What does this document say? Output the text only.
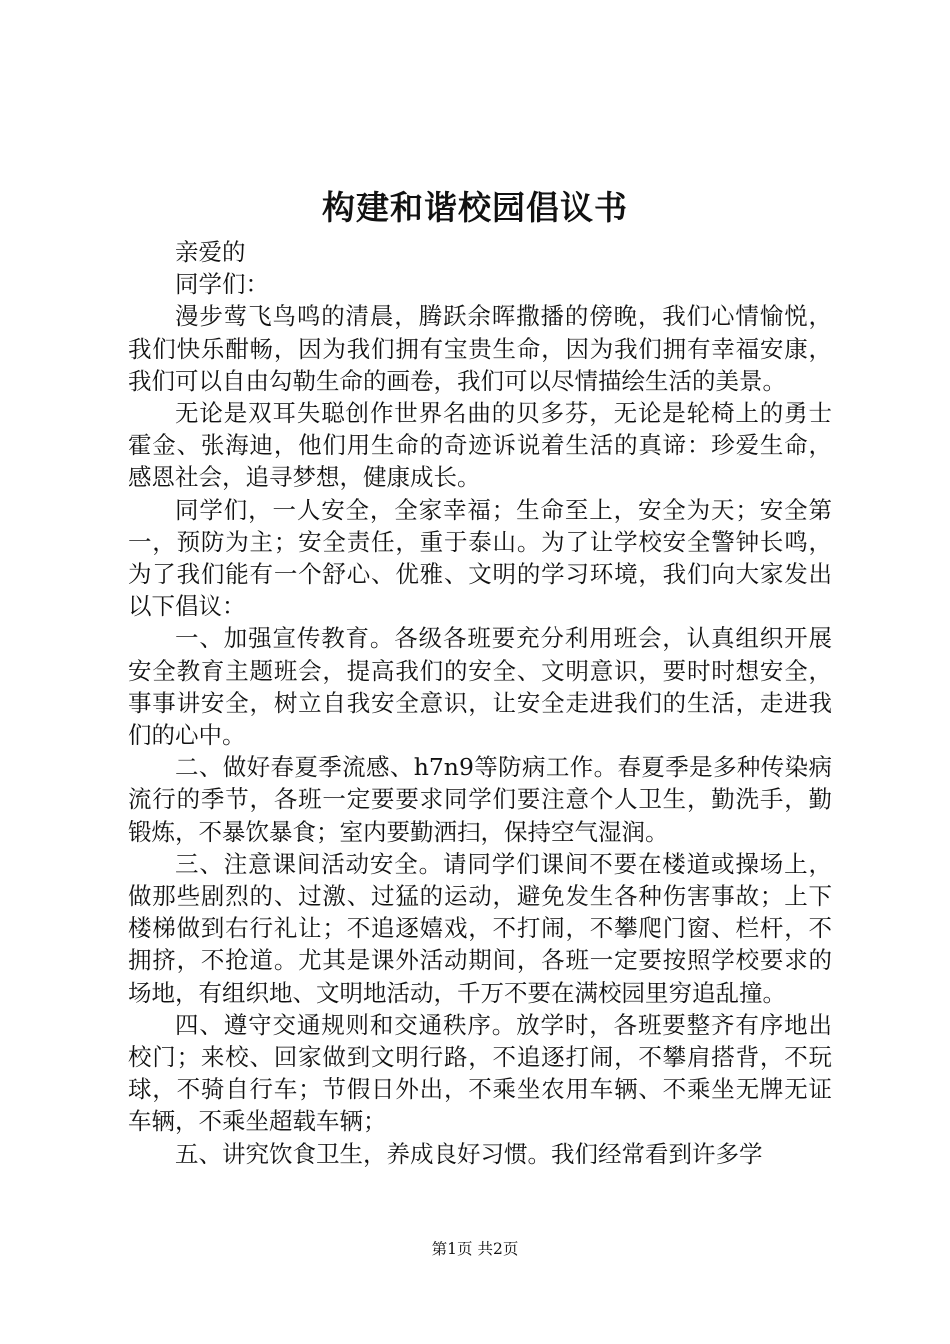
构建和谐校园倡议书

亲爱的

同学们：

漫步莺飞鸟鸣的清晨，腾跃余晖撒播的傍晚，我们心情愉悦，我们快乐酣畅，因为我们拥有宝贵生命，因为我们拥有幸福安康，我们可以自由勾勒生命的画卷，我们可以尽情描绘生活的美景。

无论是双耳失聪创作世界名曲的贝多芬，无论是轮椅上的勇士霍金、张海迪，他们用生命的奇迹诉说着生活的真谛：珍爱生命，感恩社会，追寻梦想，健康成长。

同学们，一人安全，全家幸福；生命至上，安全为天；安全第一，预防为主；安全责任，重于泰山。为了让学校安全警钟长鸣，为了我们能有一个舒心、优雅、文明的学习环境，我们向大家发出以下倡议：

一、加强宣传教育。各级各班要充分利用班会，认真组织开展安全教育主题班会，提高我们的安全、文明意识，要时时想安全，事事讲安全，树立自我安全意识，让安全走进我们的生活，走进我们的心中。

二、做好春夏季流感、h7n9等防病工作。春夏季是多种传染病流行的季节，各班一定要要求同学们要注意个人卫生，勤洗手，勤锻炼，不暴饮暴食；室内要勤洒扫，保持空气湿润。

三、注意课间活动安全。请同学们课间不要在楼道或操场上，做那些剧烈的、过激、过猛的运动，避免发生各种伤害事故；上下楼梯做到右行礼让；不追逐嬉戏，不打闹，不攀爬门窗、栏杆，不拥挤，不抢道。尤其是课外活动期间，各班一定要按照学校要求的场地，有组织地、文明地活动，千万不要在满校园里穷追乱撞。

四、遵守交通规则和交通秩序。放学时，各班要整齐有序地出校门；来校、回家做到文明行路，不追逐打闹，不攀肩搭背，不玩球，不骑自行车；节假日外出，不乘坐农用车辆、不乘坐无牌无证车辆，不乘坐超载车辆；

五、讲究饮食卫生，养成良好习惯。我们经常看到许多学

第1页 共2页
